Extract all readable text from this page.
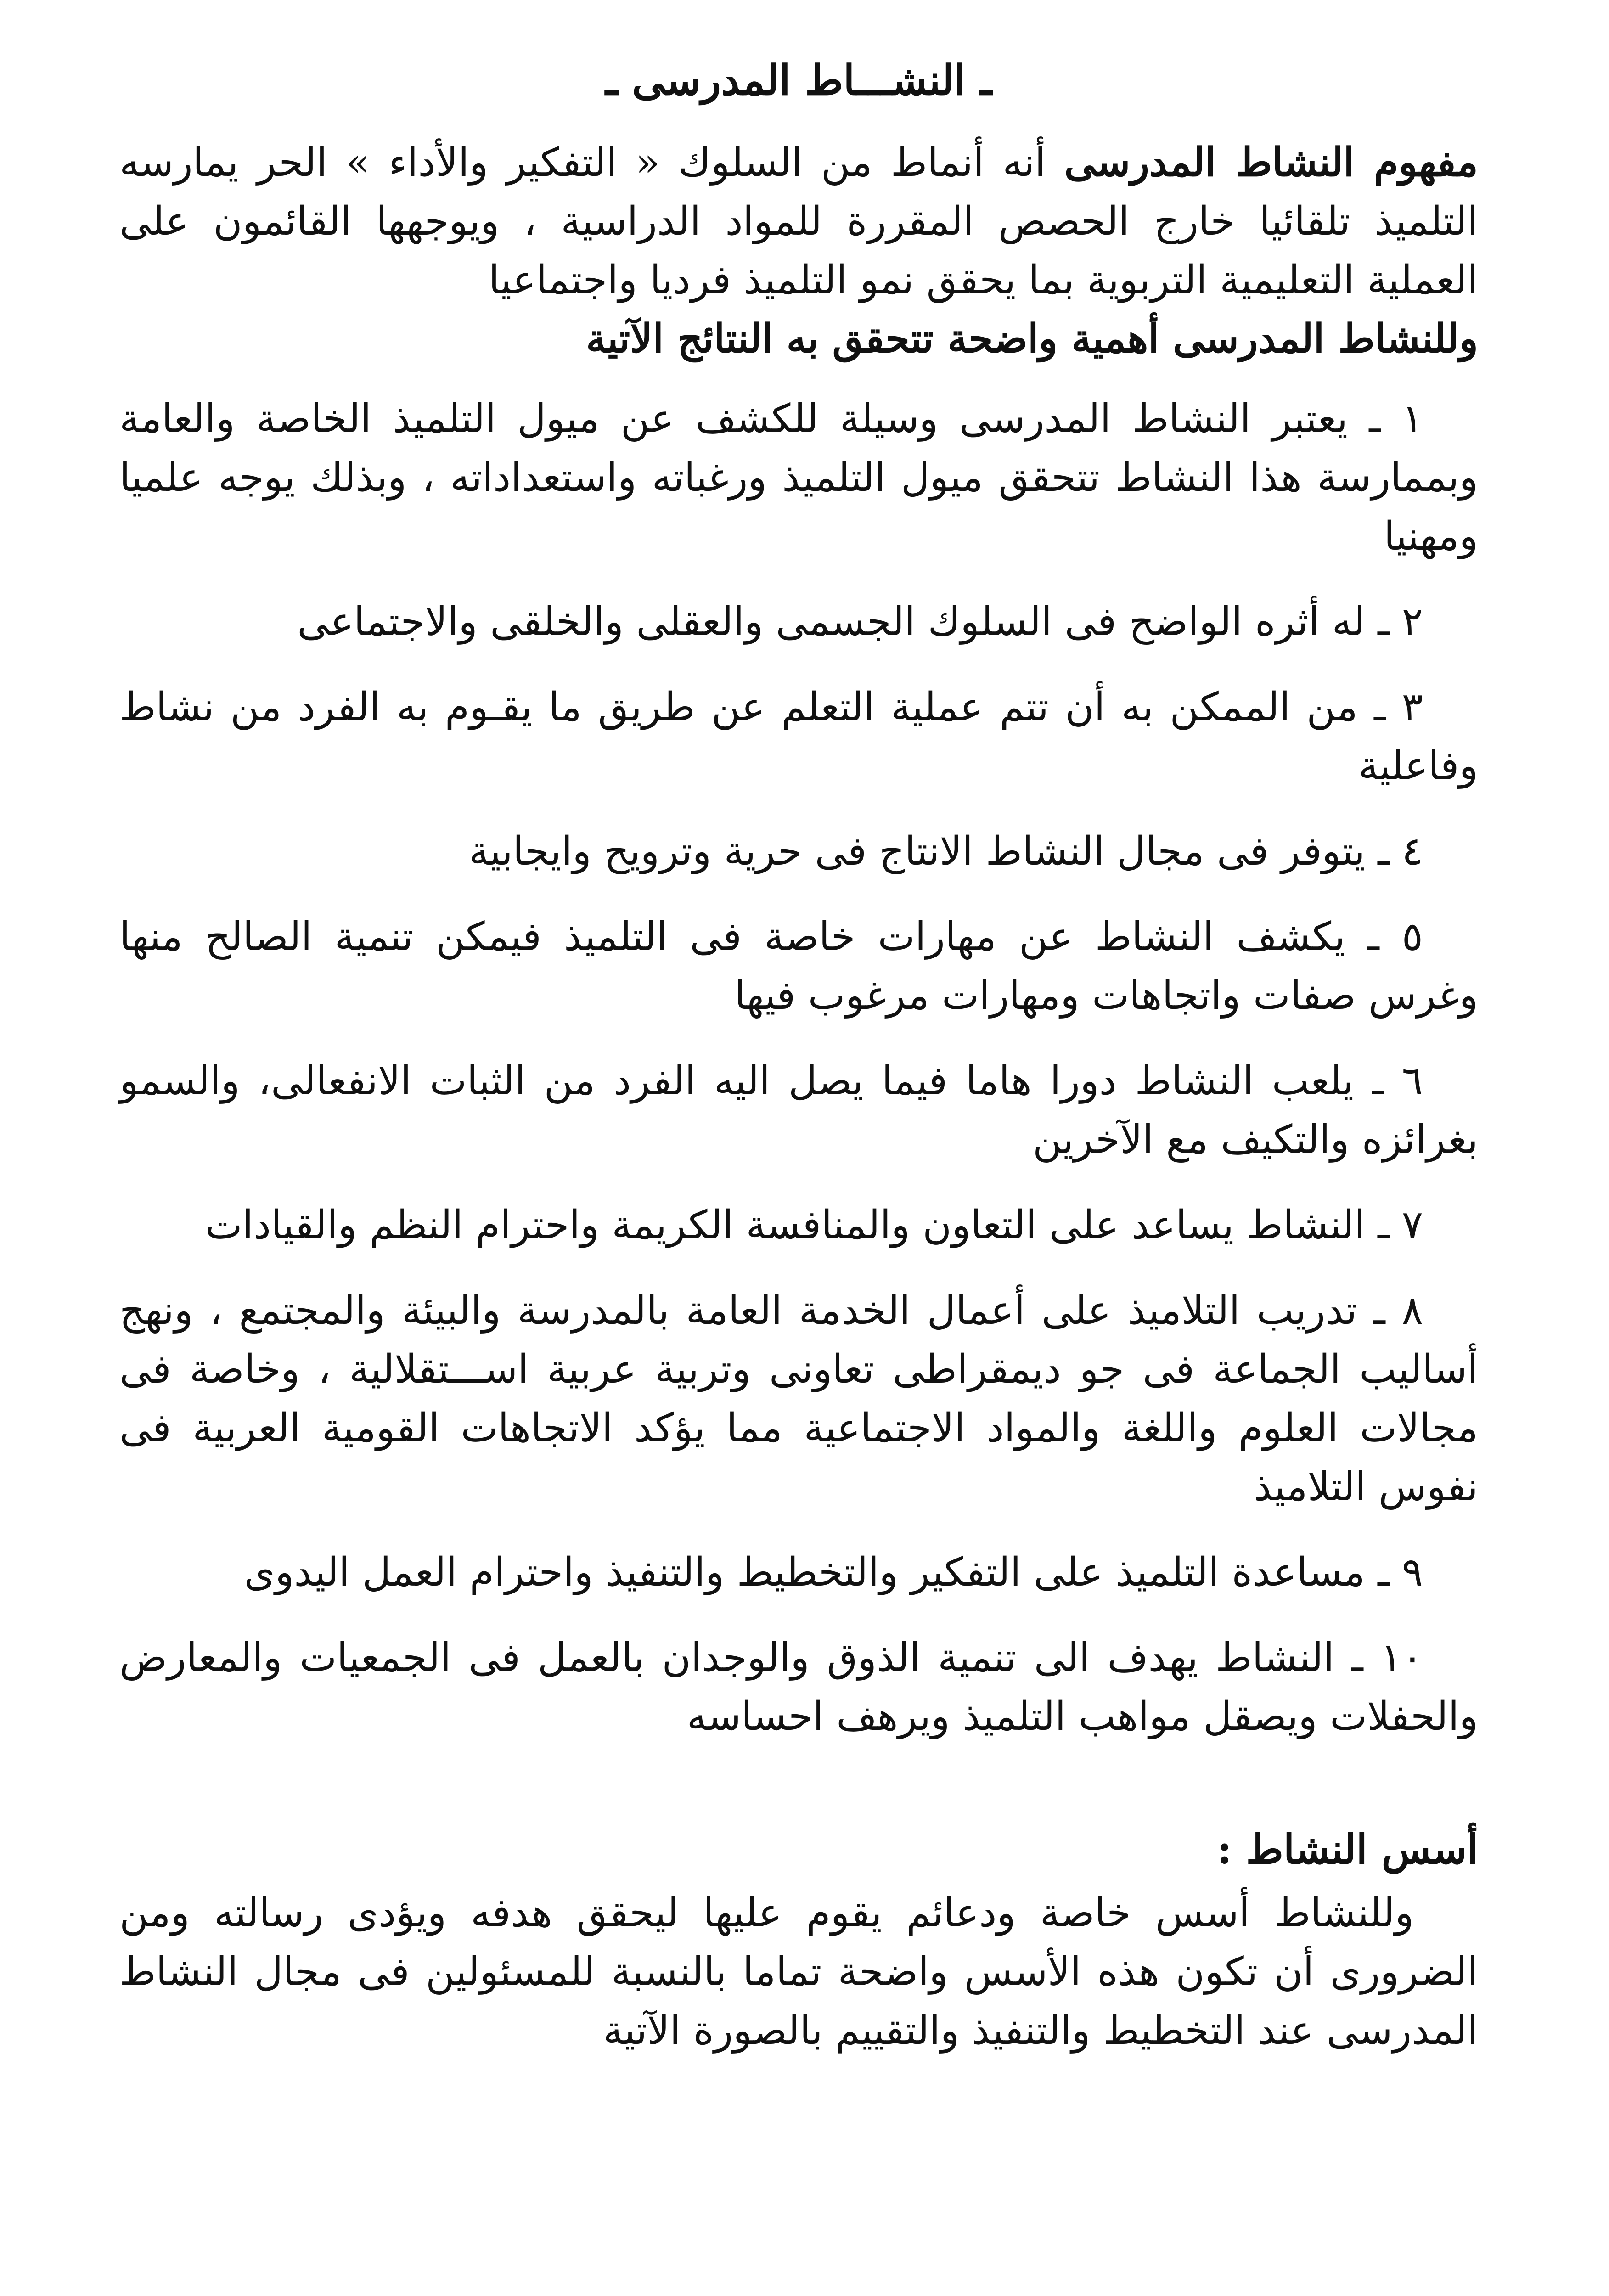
ـ النشـــاط المدرسى ـ

مفهوم النشاط المدرسى أنه أنماط من السلوك « التفكير والأداء » الحر يمارسه التلميذ تلقائيا خارج الحصص المقررة للمواد الدراسية ، ويوجهها القائمون على العملية التعليمية التربوية بما يحقق نمو التلميذ فرديا واجتماعيا

وللنشاط المدرسى أهمية واضحة تتحقق به النتائج الآتية

١ ـ يعتبر النشاط المدرسى وسيلة للكشف عن ميول التلميذ الخاصة والعامة وبممارسة هذا النشاط تتحقق ميول التلميذ ورغباته واستعداداته ، وبذلك يوجه علميا ومهنيا
٢ ـ له أثره الواضح فى السلوك الجسمى والعقلى والخلقى والاجتماعى
٣ ـ من الممكن به أن تتم عملية التعلم عن طريق ما يقـوم به الفرد من نشاط وفاعلية
٤ ـ يتوفر فى مجال النشاط الانتاج فى حرية وترويح وايجابية
٥ ـ يكشف النشاط عن مهارات خاصة فى التلميذ فيمكن تنمية الصالح منها وغرس صفات واتجاهات ومهارات مرغوب فيها
٦ ـ يلعب النشاط دورا هاما فيما يصل اليه الفرد من الثبات الانفعالى، والسمو بغرائزه والتكيف مع الآخرين
٧ ـ النشاط يساعد على التعاون والمنافسة الكريمة واحترام النظم والقيادات
٨ ـ تدريب التلاميذ على أعمال الخدمة العامة بالمدرسة والبيئة والمجتمع ، ونهج أساليب الجماعة فى جو ديمقراطى تعاونى وتربية عربية اســـتقلالية ، وخاصة فى مجالات العلوم واللغة والمواد الاجتماعية مما يؤكد الاتجاهات القومية العربية فى نفوس التلاميذ
٩ ـ مساعدة التلميذ على التفكير والتخطيط والتنفيذ واحترام العمل اليدوى
١٠ ـ النشاط يهدف الى تنمية الذوق والوجدان بالعمل فى الجمعيات والمعارض والحفلات ويصقل مواهب التلميذ ويرهف احساسه
أسس النشاط :

وللنشاط أسس خاصة ودعائم يقوم عليها ليحقق هدفه ويؤدى رسالته ومن الضرورى أن تكون هذه الأسس واضحة تماما بالنسبة للمسئولين فى مجال النشاط المدرسى عند التخطيط والتنفيذ والتقييم بالصورة الآتية
